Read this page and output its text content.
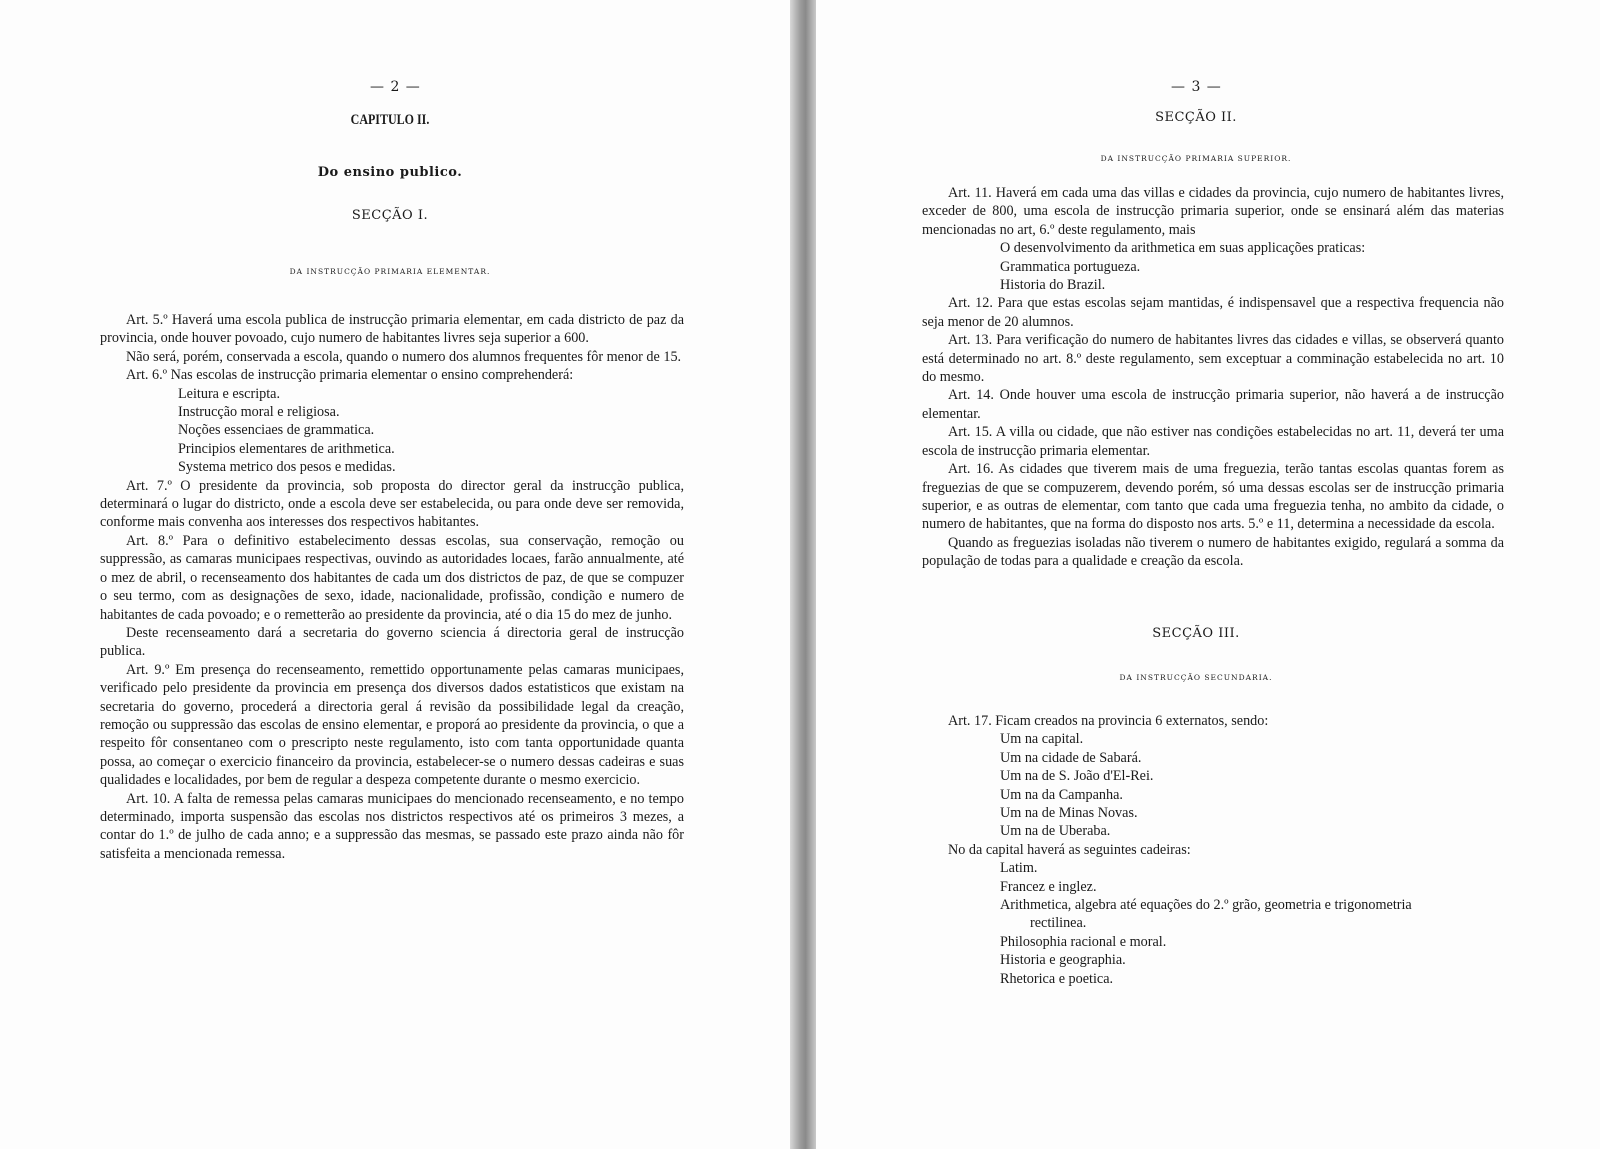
— 2 —
CAPITULO II.
Do ensino publico.
SECÇÃO I.
DA INSTRUCÇÃO PRIMARIA ELEMENTAR.

Art. 5.º Haverá uma escola publica de instrucção primaria elementar, em cada districto de paz da provincia, onde houver povoado, cujo numero de habitantes livres seja superior a 600.

Não será, porém, conservada a escola, quando o numero dos alumnos frequentes fôr menor de 15.

Art. 6.º Nas escolas de instrucção primaria elementar o ensino comprehenderá:

Leitura e escripta.
Instrucção moral e religiosa.
Noções essenciaes de grammatica.
Principios elementares de arithmetica.
Systema metrico dos pesos e medidas.

Art. 7.º O presidente da provincia, sob proposta do director geral da instrucção publica, determinará o lugar do districto, onde a escola deve ser estabelecida, ou para onde deve ser removida, conforme mais convenha aos interesses dos respectivos habitantes.

Art. 8.º Para o definitivo estabelecimento dessas escolas, sua conservação, remoção ou suppressão, as camaras municipaes respectivas, ouvindo as autoridades locaes, farão annualmente, até o mez de abril, o recenseamento dos habitantes de cada um dos districtos de paz, de que se compuzer o seu termo, com as designações de sexo, idade, nacionalidade, profissão, condição e numero de habitantes de cada povoado; e o remetterão ao presidente da provincia, até o dia 15 do mez de junho.

Deste recenseamento dará a secretaria do governo sciencia á directoria geral de instrucção publica.

Art. 9.º Em presença do recenseamento, remettido opportunamente pelas camaras municipaes, verificado pelo presidente da provincia em presença dos diversos dados estatisticos que existam na secretaria do governo, procederá a directoria geral á revisão da possibilidade legal da creação, remoção ou suppressão das escolas de ensino elementar, e proporá ao presidente da provincia, o que a respeito fôr consentaneo com o prescripto neste regulamento, isto com tanta opportunidade quanta possa, ao começar o exercicio financeiro da provincia, estabelecer-se o numero dessas cadeiras e suas qualidades e localidades, por bem de regular a despeza competente durante o mesmo exercicio.

Art. 10. A falta de remessa pelas camaras municipaes do mencionado recenseamento, e no tempo determinado, importa suspensão das escolas nos districtos respectivos até os primeiros 3 mezes, a contar do 1.º de julho de cada anno; e a suppressão das mesmas, se passado este prazo ainda não fôr satisfeita a mencionada remessa.

— 3 —
SECÇÃO II.
DA INSTRUCÇÃO PRIMARIA SUPERIOR.

Art. 11. Haverá em cada uma das villas e cidades da provincia, cujo numero de habitantes livres, exceder de 800, uma escola de instrucção primaria superior, onde se ensinará além das materias mencionadas no art, 6.º deste regulamento, mais

O desenvolvimento da arithmetica em suas applicações praticas:
Grammatica portugueza.
Historia do Brazil.

Art. 12. Para que estas escolas sejam mantidas, é indispensavel que a respectiva frequencia não seja menor de 20 alumnos.

Art. 13. Para verificação do numero de habitantes livres das cidades e villas, se observerá quanto está determinado no art. 8.º deste regulamento, sem exceptuar a comminação estabelecida no art. 10 do mesmo.

Art. 14. Onde houver uma escola de instrucção primaria superior, não haverá a de instrucção elementar.

Art. 15. A villa ou cidade, que não estiver nas condições estabelecidas no art. 11, deverá ter uma escola de instrucção primaria elementar.

Art. 16. As cidades que tiverem mais de uma freguezia, terão tantas escolas quantas forem as freguezias de que se compuzerem, devendo porém, só uma dessas escolas ser de instrucção primaria superior, e as outras de elementar, com tanto que cada uma freguezia tenha, no ambito da cidade, o numero de habitantes, que na forma do disposto nos arts. 5.º e 11, determina a necessidade da escola.

Quando as freguezias isoladas não tiverem o numero de habitantes exigido, regulará a somma da população de todas para a qualidade e creação da escola.

SECÇÃO III.
DA INSTRUCÇÃO SECUNDARIA.

Art. 17. Ficam creados na provincia 6 externatos, sendo:

Um na capital.
Um na cidade de Sabará.
Um na de S. João d'El-Rei.
Um na da Campanha.
Um na de Minas Novas.
Um na de Uberaba.

No da capital haverá as seguintes cadeiras:

Latim.
Francez e inglez.
Arithmetica, algebra até equações do 2.º grão, geometria e trigonometria
rectilinea.
Philosophia racional e moral.
Historia e geographia.
Rhetorica e poetica.
